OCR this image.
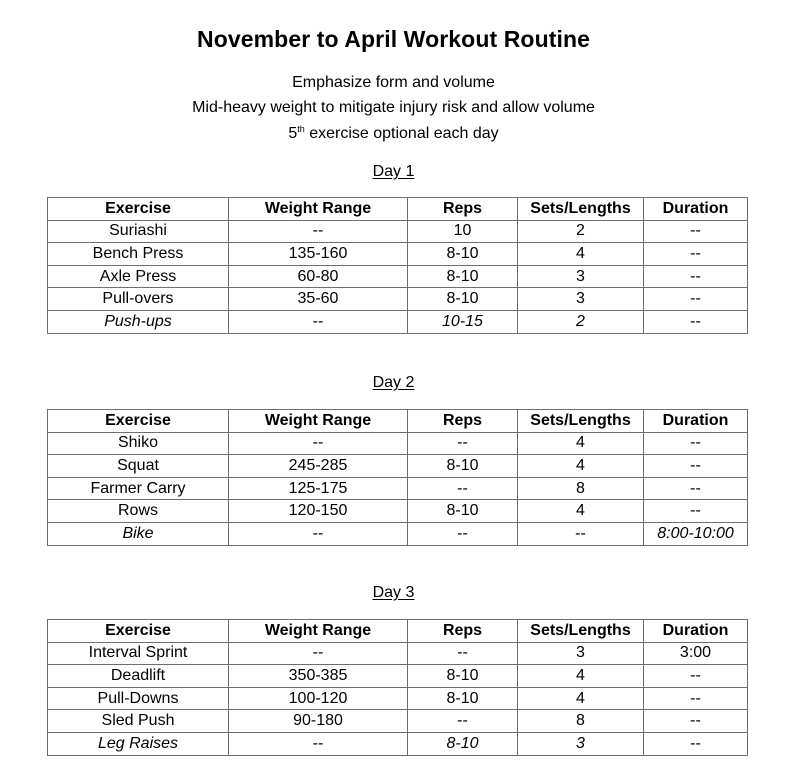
November to April Workout Routine
Emphasize form and volume
Mid-heavy weight to mitigate injury risk and allow volume
5th exercise optional each day
Day 1
Exercise	Weight Range	Reps	Sets/Lengths	Duration
Suriashi	--	10	2	--
Bench Press	135-160	8-10	4	--
Axle Press	60-80	8-10	3	--
Pull-overs	35-60	8-10	3	--
Push-ups	--	10-15	2	--
Day 2
Exercise	Weight Range	Reps	Sets/Lengths	Duration
Shiko	--	--	4	--
Squat	245-285	8-10	4	--
Farmer Carry	125-175	--	8	--
Rows	120-150	8-10	4	--
Bike	--	--	--	8:00-10:00
Day 3
Exercise	Weight Range	Reps	Sets/Lengths	Duration
Interval Sprint	--	--	3	3:00
Deadlift	350-385	8-10	4	--
Pull-Downs	100-120	8-10	4	--
Sled Push	90-180	--	8	--
Leg Raises	--	8-10	3	--
